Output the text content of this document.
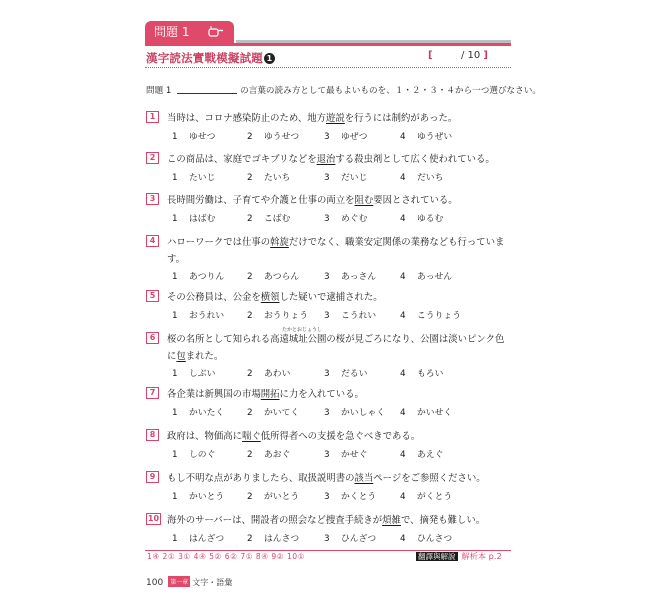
問題 1
漢字読法實戰模擬試題 1	[	/ 10 ]
問題 1	の言葉の読み方として最もよいものを、１・２・３・４から一つ選びなさい。
1	当時は、コロナ感染防止のため、地方遊説を行うには制約があった。
1 ゆせつ	2 ゆうせつ	3 ゆぜつ	4 ゆうぜい
2	この商品は、家庭でゴキブリなどを退治する殺虫剤として広く使われている。
1 たいじ	2 たいち	3 だいじ	4 だいち
3	長時間労働は、子育てや介護と仕事の両立を阻む要因とされている。
1 はばむ	2 こばむ	3 めぐむ	4 ゆるむ
4	ハローワークでは仕事の斡旋だけでなく、職業安定関係の業務なども行っています。
1 あつりん	2 あつらん	3 あっさん	4 あっせん
5	その公務員は、公金を横領した疑いで逮捕された。
1 おうれい	2 おうりょう	3 こうれい	4 こうりょう
6	桜の名所として知られる高遠城址公園の桜が見ごろになり、公園は淡いピンク色に包まれた。
1 しぶい	2 あわい	3 だるい	4 もろい
たかとおじょうし
7	各企業は新興国の市場開拓に力を入れている。
1 かいたく	2 かいてく	3 かいしゃく	4 かいせく
8	政府は、物価高に喘ぐ低所得者への支援を急ぐべきである。
1 しのぐ	2 あおぐ	3 かせぐ	4 あえぐ
9	もし不明な点がありましたら、取扱説明書の該当ページをご参照ください。
1 かいとう	2 がいとう	3 かくとう	4 がくとう
10 海外のサーバーは、開設者の照会など捜査手続きが煩雑で、摘発も難しい。
1 はんざつ	2 はんさつ	3 ひんざつ	4 ひんさつ
1④ 2① 3① 4④ 5② 6② 7① 8④ 9② 10①	翻譯與解說 解析本 p.2
100 第一章 文字・語彙
